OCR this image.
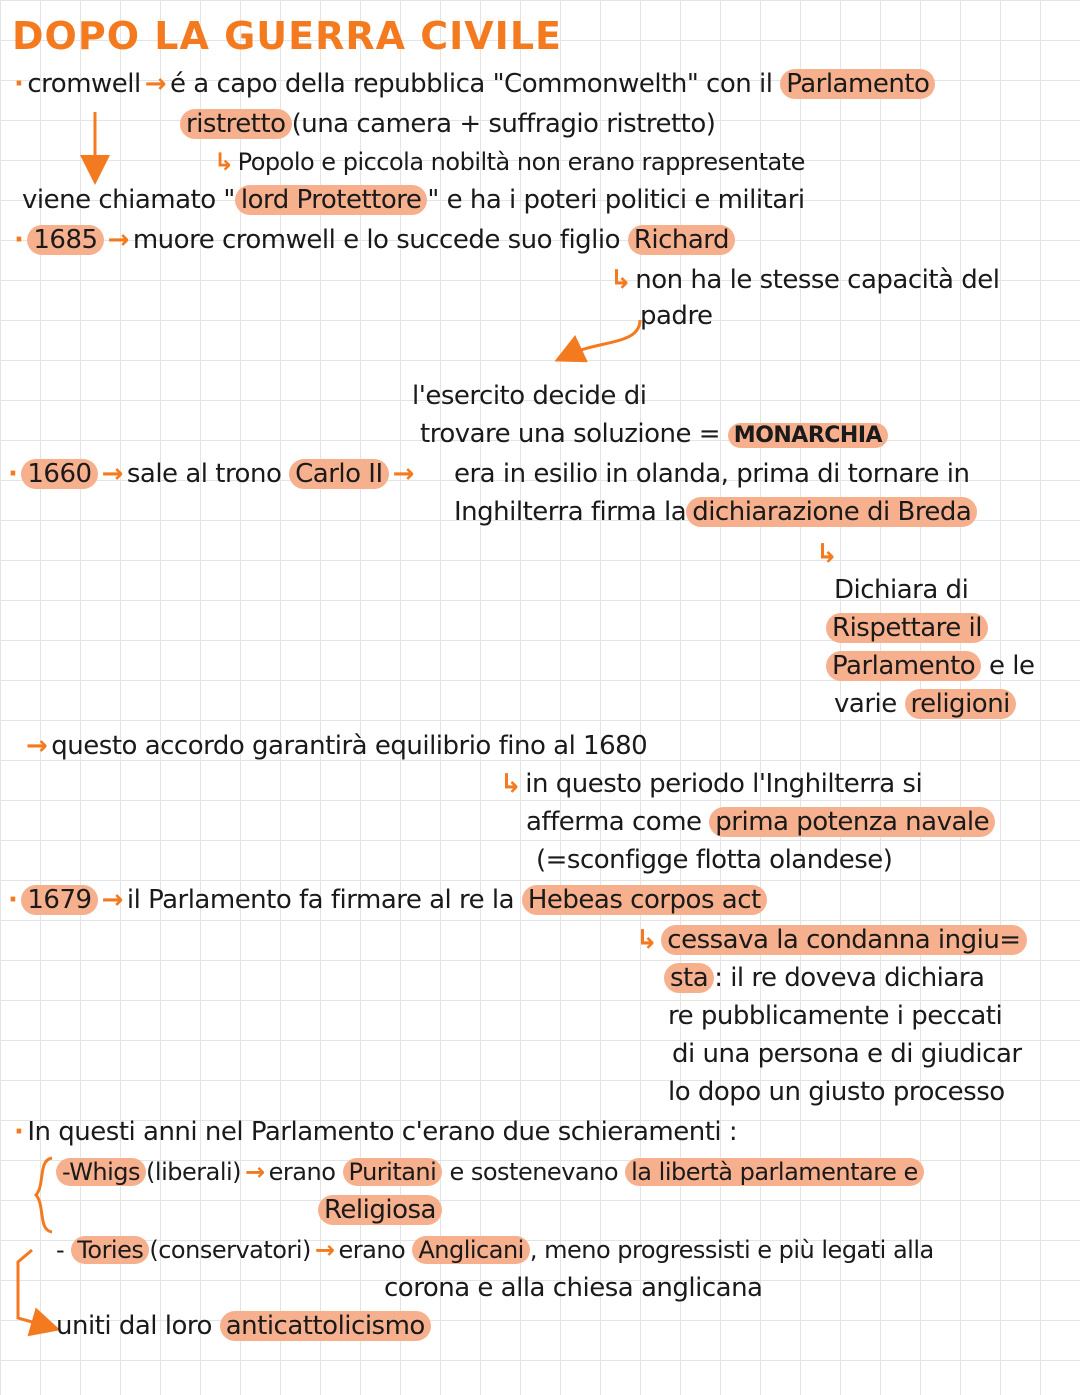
DOPO LA GUERRA CIVILE
· cromwell → é a capo della repubblica "Commonwelth" con il Parlamento
ristretto (una camera + suffragio ristretto)
↳ Popolo e piccola nobiltà non erano rappresentate
viene chiamato " lord Protettore " e ha i poteri politici e militari
· 1685 → muore cromwell e lo succede suo figlio Richard
↳ non ha le stesse capacità del
padre
l'esercito decide di
trovare una soluzione = MONARCHIA
· 1660 → sale al trono Carlo II → era in esilio in olanda, prima di tornare in
Inghilterra firma la dichiarazione di Breda
↳
Dichiara di
Rispettare il
Parlamento e le
varie religioni
→ questo accordo garantirà equilibrio fino al 1680
↳ in questo periodo l'Inghilterra si
afferma come prima potenza navale
(=sconfigge flotta olandese)
· 1679 → il Parlamento fa firmare al re la Hebeas corpos act
↳ cessava la condanna ingiu=
sta : il re doveva dichiara
re pubblicamente i peccati
di una persona e di giudicar
lo dopo un giusto processo
· In questi anni nel Parlamento c'erano due schieramenti :
-Whigs (liberali) → erano Puritani e sostenevano la libertà parlamentare e
Religiosa
- Tories (conservatori) → erano Anglicani , meno progressisti e più legati alla
corona e alla chiesa anglicana
uniti dal loro anticattolicismo
